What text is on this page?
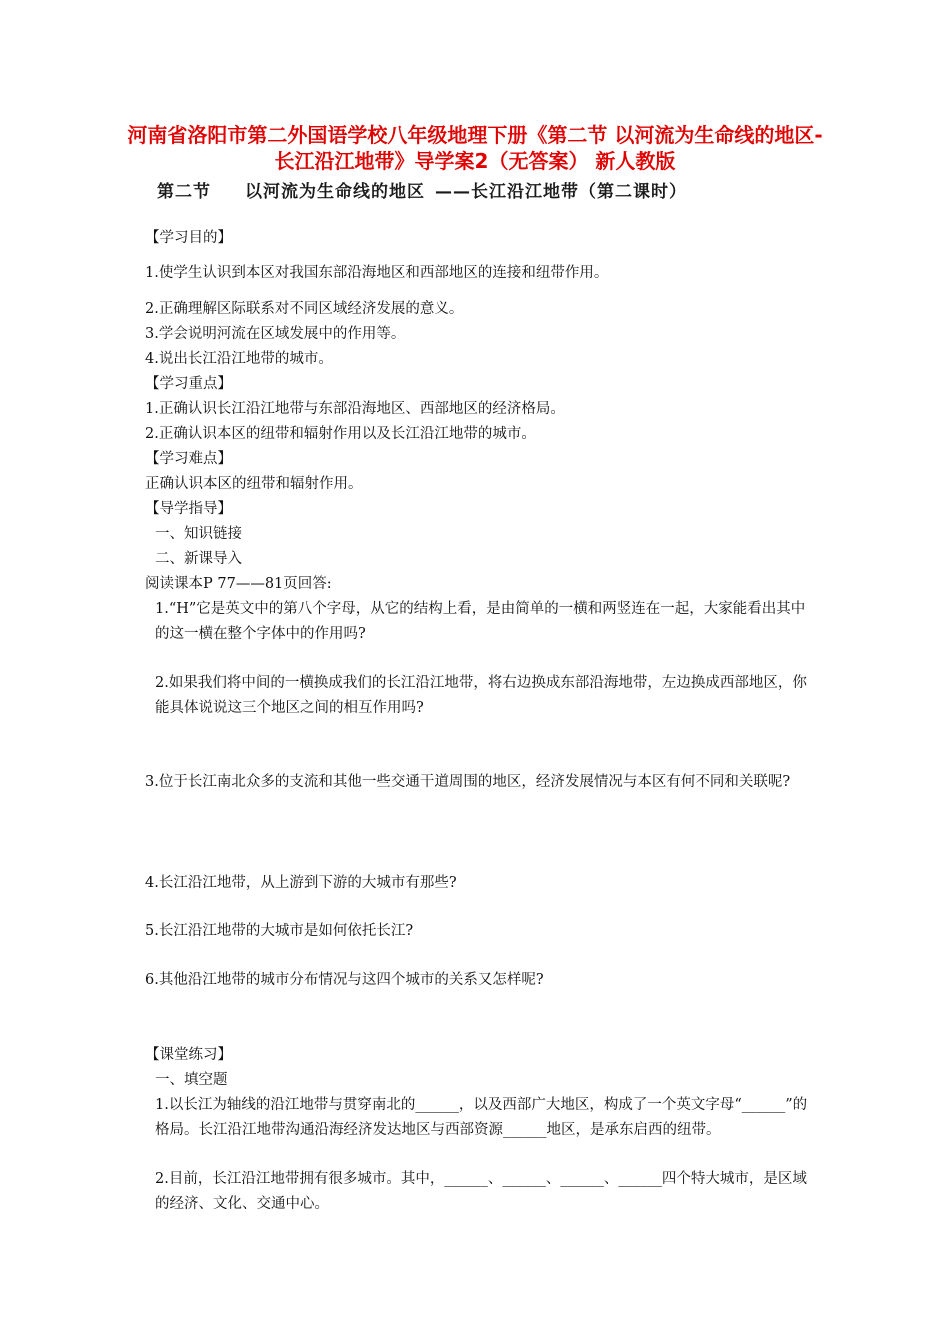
河南省洛阳市第二外国语学校八年级地理下册《第二节 以河流为生命线的地区-长江沿江地带》导学案2（无答案） 新人教版
第二节 以河流为生命线的地区 ——长江沿江地带（第二课时）
【学习目的】
1.使学生认识到本区对我国东部沿海地区和西部地区的连接和纽带作用。
2.正确理解区际联系对不同区域经济发展的意义。
3.学会说明河流在区域发展中的作用等。
4.说出长江沿江地带的城市。
【学习重点】
1.正确认识长江沿江地带与东部沿海地区、西部地区的经济格局。
2.正确认识本区的纽带和辐射作用以及长江沿江地带的城市。
【学习难点】
正确认识本区的纽带和辐射作用。
【导学指导】
一、知识链接
二、新课导入
阅读课本P 77——81页回答:
1.“H”它是英文中的第八个字母，从它的结构上看，是由简单的一横和两竖连在一起，大家能看出其中的这一横在整个字体中的作用吗?
2.如果我们将中间的一横换成我们的长江沿江地带，将右边换成东部沿海地带，左边换成西部地区，你能具体说说这三个地区之间的相互作用吗?
3.位于长江南北众多的支流和其他一些交通干道周围的地区，经济发展情况与本区有何不同和关联呢?
4.长江沿江地带，从上游到下游的大城市有那些?
5.长江沿江地带的大城市是如何依托长江?
6.其他沿江地带的城市分布情况与这四个城市的关系又怎样呢?
【课堂练习】
一、填空题
1.以长江为轴线的沿江地带与贯穿南北的______，以及西部广大地区，构成了一个英文字母“______”的格局。长江沿江地带沟通沿海经济发达地区与西部资源______地区，是承东启西的纽带。
2.目前，长江沿江地带拥有很多城市。其中，______、______、______、______四个特大城市，是区域的经济、文化、交通中心。
